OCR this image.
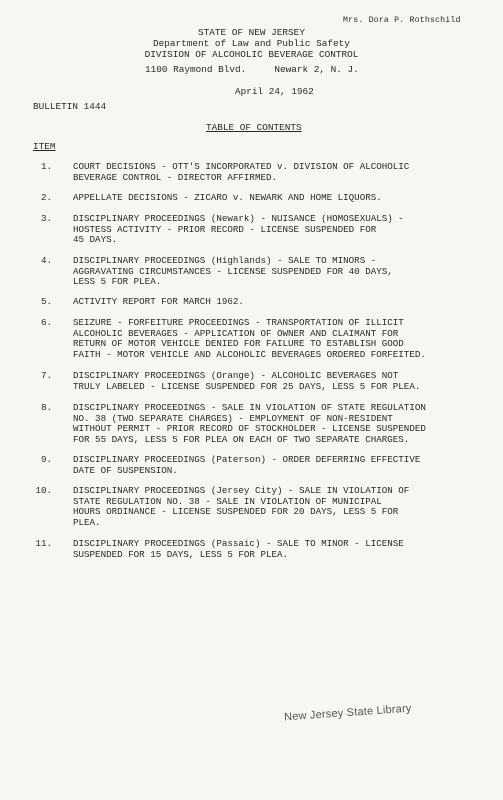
Mrs. Dora P. Rothschild
STATE OF NEW JERSEY
Department of Law and Public Safety
DIVISION OF ALCOHOLIC BEVERAGE CONTROL
1100 Raymond Blvd.     Newark 2, N. J.
April 24, 1962
BULLETIN 1444
TABLE OF CONTENTS
ITEM
1. COURT DECISIONS - OTT'S INCORPORATED v. DIVISION OF ALCOHOLIC
BEVERAGE CONTROL - DIRECTOR AFFIRMED.
2. APPELLATE DECISIONS - ZICARO v. NEWARK AND HOME LIQUORS.
3. DISCIPLINARY PROCEEDINGS (Newark) - NUISANCE (HOMOSEXUALS) -
HOSTESS ACTIVITY - PRIOR RECORD - LICENSE SUSPENDED FOR
45 DAYS.
4. DISCIPLINARY PROCEEDINGS (Highlands) - SALE TO MINORS -
AGGRAVATING CIRCUMSTANCES - LICENSE SUSPENDED FOR 40 DAYS,
LESS 5 FOR PLEA.
5. ACTIVITY REPORT FOR MARCH 1962.
6. SEIZURE - FORFEITURE PROCEEDINGS - TRANSPORTATION OF ILLICIT
ALCOHOLIC BEVERAGES - APPLICATION OF OWNER AND CLAIMANT FOR
RETURN OF MOTOR VEHICLE DENIED FOR FAILURE TO ESTABLISH GOOD
FAITH - MOTOR VEHICLE AND ALCOHOLIC BEVERAGES ORDERED FORFEITED.
7. DISCIPLINARY PROCEEDINGS (Orange) - ALCOHOLIC BEVERAGES NOT
TRULY LABELED - LICENSE SUSPENDED FOR 25 DAYS, LESS 5 FOR PLEA.
8. DISCIPLINARY PROCEEDINGS - SALE IN VIOLATION OF STATE REGULATION
NO. 38 (TWO SEPARATE CHARGES) - EMPLOYMENT OF NON-RESIDENT
WITHOUT PERMIT - PRIOR RECORD OF STOCKHOLDER - LICENSE SUSPENDED
FOR 55 DAYS, LESS 5 FOR PLEA ON EACH OF TWO SEPARATE CHARGES.
9. DISCIPLINARY PROCEEDINGS (Paterson) - ORDER DEFERRING EFFECTIVE
DATE OF SUSPENSION.
10. DISCIPLINARY PROCEEDINGS (Jersey City) - SALE IN VIOLATION OF
STATE REGULATION NO. 38 - SALE IN VIOLATION OF MUNICIPAL
HOURS ORDINANCE - LICENSE SUSPENDED FOR 20 DAYS, LESS 5 FOR
PLEA.
11. DISCIPLINARY PROCEEDINGS (Passaic) - SALE TO MINOR - LICENSE
SUSPENDED FOR 15 DAYS, LESS 5 FOR PLEA.
New Jersey State Library
